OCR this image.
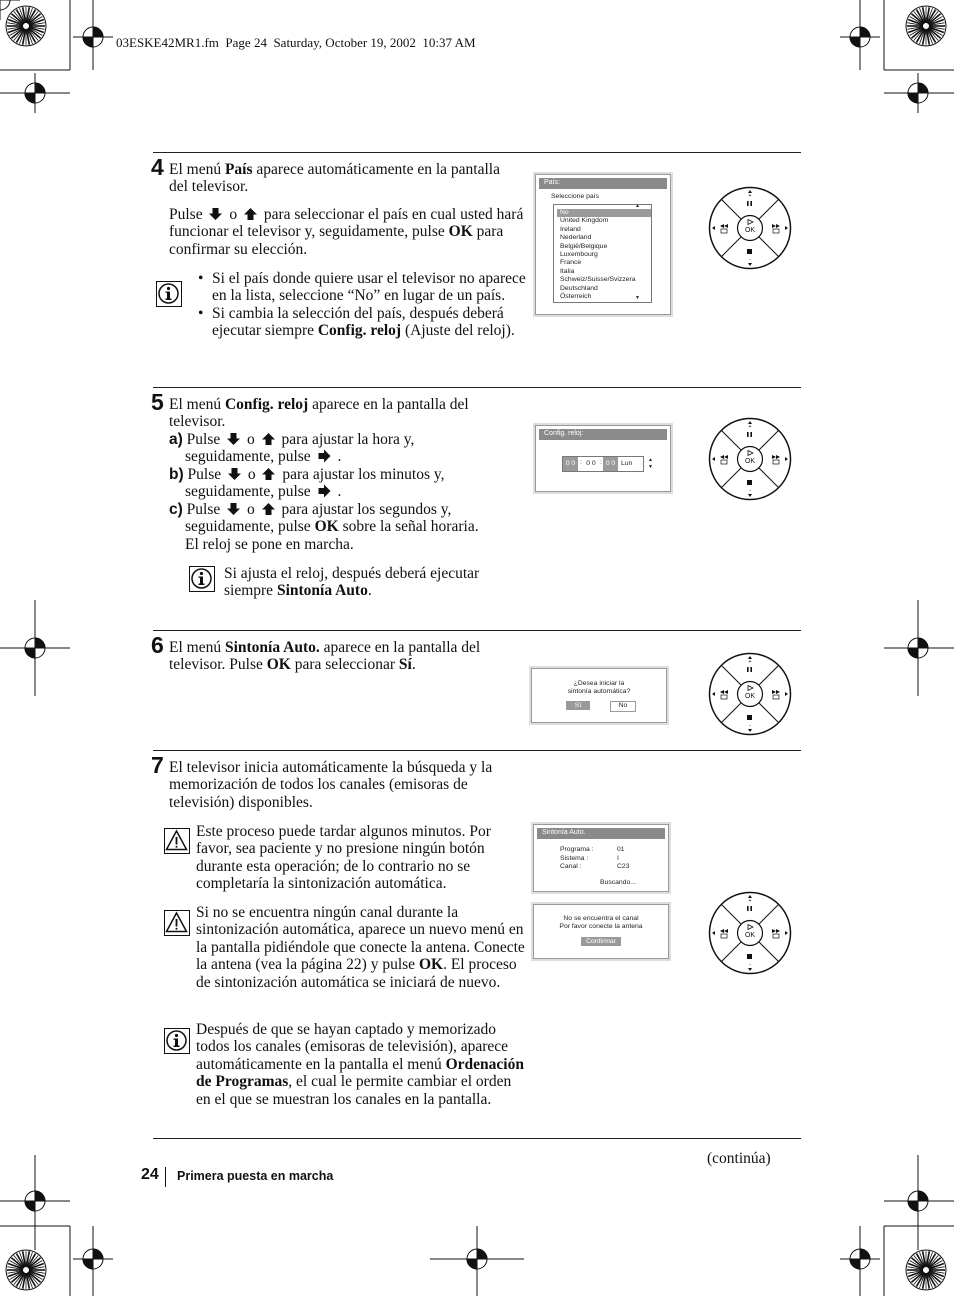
03ESKE42MR1.fm  Page 24  Saturday, October 19, 2002  10:37 AM
4 El menú País aparece automáticamente en la pantalla del televisor.

Pulse  o  para seleccionar el país en cual usted hará funcionar el televisor y, seguidamente, pulse OK para confirmar su elección.

• Si el país donde quiere usar el televisor no aparece en la lista, seleccione “No” en lugar de un país.
• Si cambia la selección del país, después deberá ejecutar siempre Config. reloj (Ajuste del reloj).
País:
Seleccione país
No
United Kingdom
Ireland
Nederland
België/Belgique
Luxembourg
France
Italia
Schweiz/Suisse/Svizzera
Deutschland
Österreich
▲
▼
5 El menú Config. reloj aparece en la pantalla del televisor.

a) Pulse  o  para ajustar la hora y,
seguidamente, pulse  .
b) Pulse  o  para ajustar los minutos y,
seguidamente, pulse  .
c) Pulse  o  para ajustar los segundos y,
seguidamente, pulse OK sobre la señal horaria.
El reloj se pone en marcha.

Si ajusta el reloj, después deberá ejecutar siempre Sintonía Auto.

Config. reloj:
0 0 : 0 0 : 0 0 Lun	▲
▼
6 El menú Sintonía Auto. aparece en la pantalla del televisor. Pulse OK para seleccionar Sí.

¿Desea iniciar la
sintonía automática?
Sí	No
7 El televisor inicia automáticamente la búsqueda y la memorización de todos los canales (emisoras de televisión) disponibles.
Este proceso puede tardar algunos minutos. Por favor, sea paciente y no presione ningún botón durante esta operación; de lo contrario no se completaría la sintonización automática.

Si no se encuentra ningún canal durante la sintonización automática, aparece un nuevo menú en la pantalla pidiéndole que conecte la antena. Conecte la antena (vea la página 22) y pulse OK. El proceso de sintonización automática se iniciará de nuevo.

Después de que se hayan captado y memorizado todos los canales (emisoras de televisión), aparece automáticamente en la pantalla el menú Ordenación de Programas, el cual le permite cambiar el orden en el que se muestran los canales en la pantalla.

Sintonía Auto.
Programa :
Sistema :
Canal :
01
I
C23
Buscando...
No se encuentra el canal
Por favor conecte la antena
Confirmar
OK
+
-
OK
+
-
OK
+
-
OK
+
-
(continúa)
24 Primera puesta en marcha
